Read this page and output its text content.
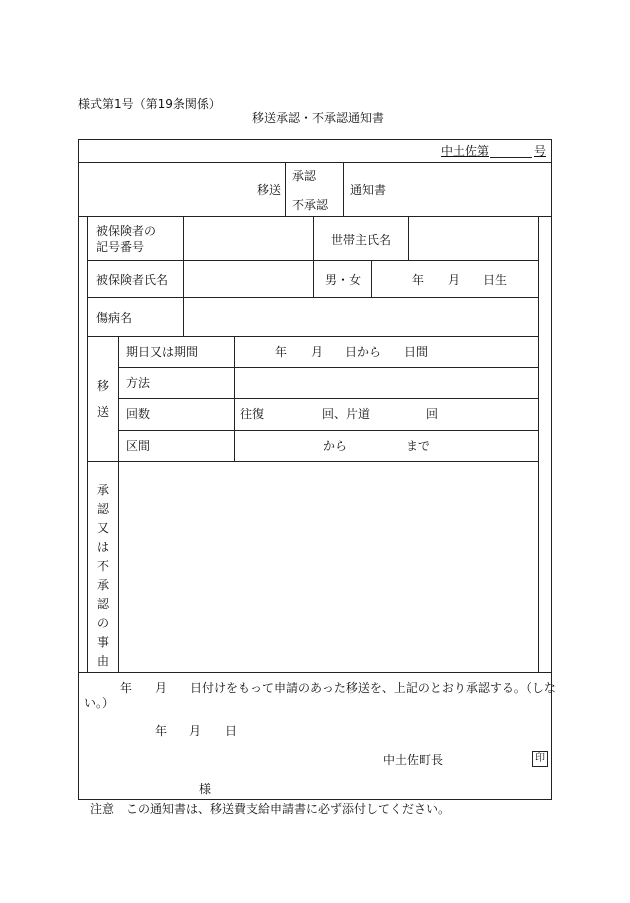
様式第1号（第19条関係）
移送承認・不承認通知書
中土佐第	号
移送
承認
不承認
通知書
被保険者の
記号番号	世帯主氏名
被保険者氏名	男・女	年 月 日生
傷病名
移
送
期日又は期間	年 月 日から 日間
方法
回数	往復	回、片道	回
区間	から	まで
承
認
又
は
不
承
認
の
事
由
年 月 日付けをもって申請のあった移送を、上記のとおり承認する。（しな
い。）
年 月 日
中土佐町長	印
様
注意　この通知書は、移送費支給申請書に必ず添付してください。
